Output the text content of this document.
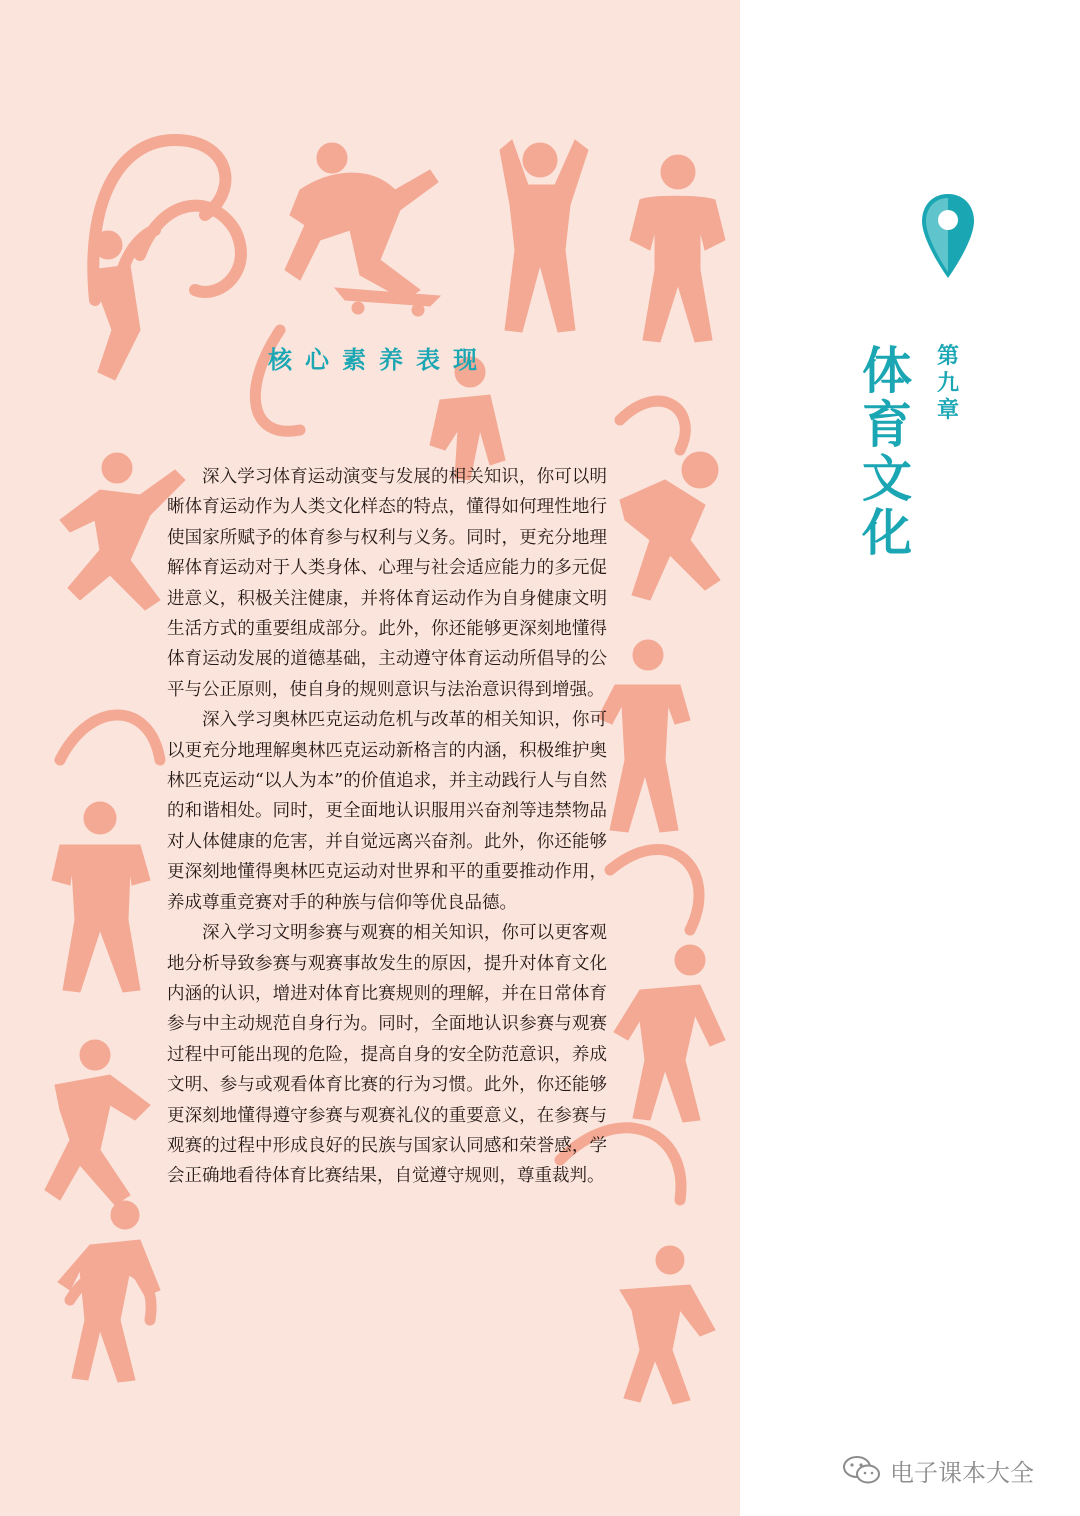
核心素养表现

深入学习体育运动演变与发展的相关知识，你可以明晰体育运动作为人类文化样态的特点，懂得如何理性地行使国家所赋予的体育参与权利与义务。同时，更充分地理解体育运动对于人类身体、心理与社会适应能力的多元促进意义，积极关注健康，并将体育运动作为自身健康文明生活方式的重要组成部分。此外，你还能够更深刻地懂得体育运动发展的道德基础，主动遵守体育运动所倡导的公平与公正原则，使自身的规则意识与法治意识得到增强。

深入学习奥林匹克运动危机与改革的相关知识，你可以更充分地理解奥林匹克运动新格言的内涵，积极维护奥林匹克运动“以人为本”的价值追求，并主动践行人与自然的和谐相处。同时，更全面地认识服用兴奋剂等违禁物品对人体健康的危害，并自觉远离兴奋剂。此外，你还能够更深刻地懂得奥林匹克运动对世界和平的重要推动作用，养成尊重竞赛对手的种族与信仰等优良品德。

深入学习文明参赛与观赛的相关知识，你可以更客观地分析导致参赛与观赛事故发生的原因，提升对体育文化内涵的认识，增进对体育比赛规则的理解，并在日常体育参与中主动规范自身行为。同时，全面地认识参赛与观赛过程中可能出现的危险，提高自身的安全防范意识，养成文明、参与或观看体育比赛的行为习惯。此外，你还能够更深刻地懂得遵守参赛与观赛礼仪的重要意义，在参赛与观赛的过程中形成良好的民族与国家认同感和荣誉感，学会正确地看待体育比赛结果，自觉遵守规则，尊重裁判。

第九章
体育文化
电子课本大全
